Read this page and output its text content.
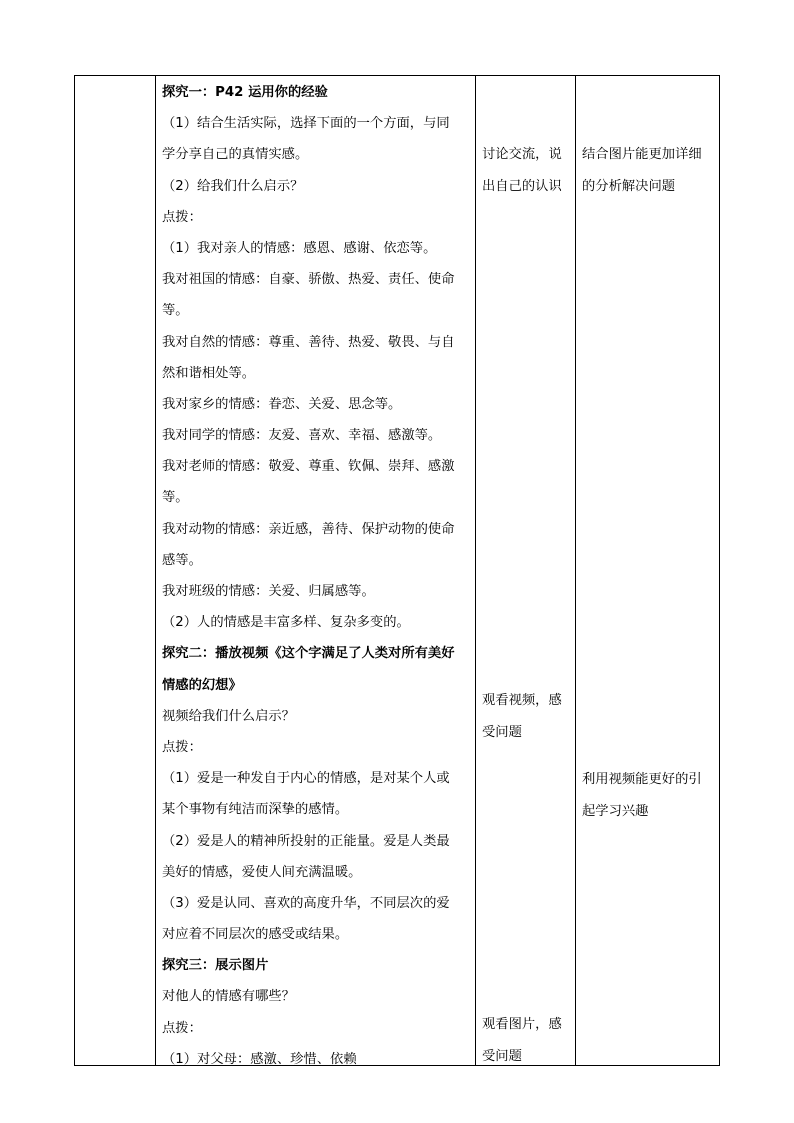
探究一：P42 运用你的经验
（1）结合生活实际，选择下面的一个方面，与同
学分享自己的真情实感。
（2）给我们什么启示？
点拨：
（1）我对亲人的情感：感恩、感谢、依恋等。
我对祖国的情感：自豪、骄傲、热爱、责任、使命
等。
我对自然的情感：尊重、善待、热爱、敬畏、与自
然和谐相处等。
我对家乡的情感：眷恋、关爱、思念等。
我对同学的情感：友爱、喜欢、幸福、感激等。
我对老师的情感：敬爱、尊重、钦佩、崇拜、感激
等。
我对动物的情感：亲近感，善待、保护动物的使命
感等。
我对班级的情感：关爱、归属感等。
（2）人的情感是丰富多样、复杂多变的。
探究二：播放视频《这个字满足了人类对所有美好
情感的幻想》
视频给我们什么启示？
点拨：
（1）爱是一种发自于内心的情感，是对某个人或
某个事物有纯洁而深挚的感情。
（2）爱是人的精神所投射的正能量。爱是人类最
美好的情感，爱使人间充满温暖。
（3）爱是认同、喜欢的高度升华，不同层次的爱
对应着不同层次的感受或结果。
探究三：展示图片
对他人的情感有哪些？
点拨：
（1）对父母：感激、珍惜、依赖
讨论交流，说
出自己的认识
观看视频，感
受问题
观看图片，感
受问题
结合图片能更加详细
的分析解决问题
利用视频能更好的引
起学习兴趣
